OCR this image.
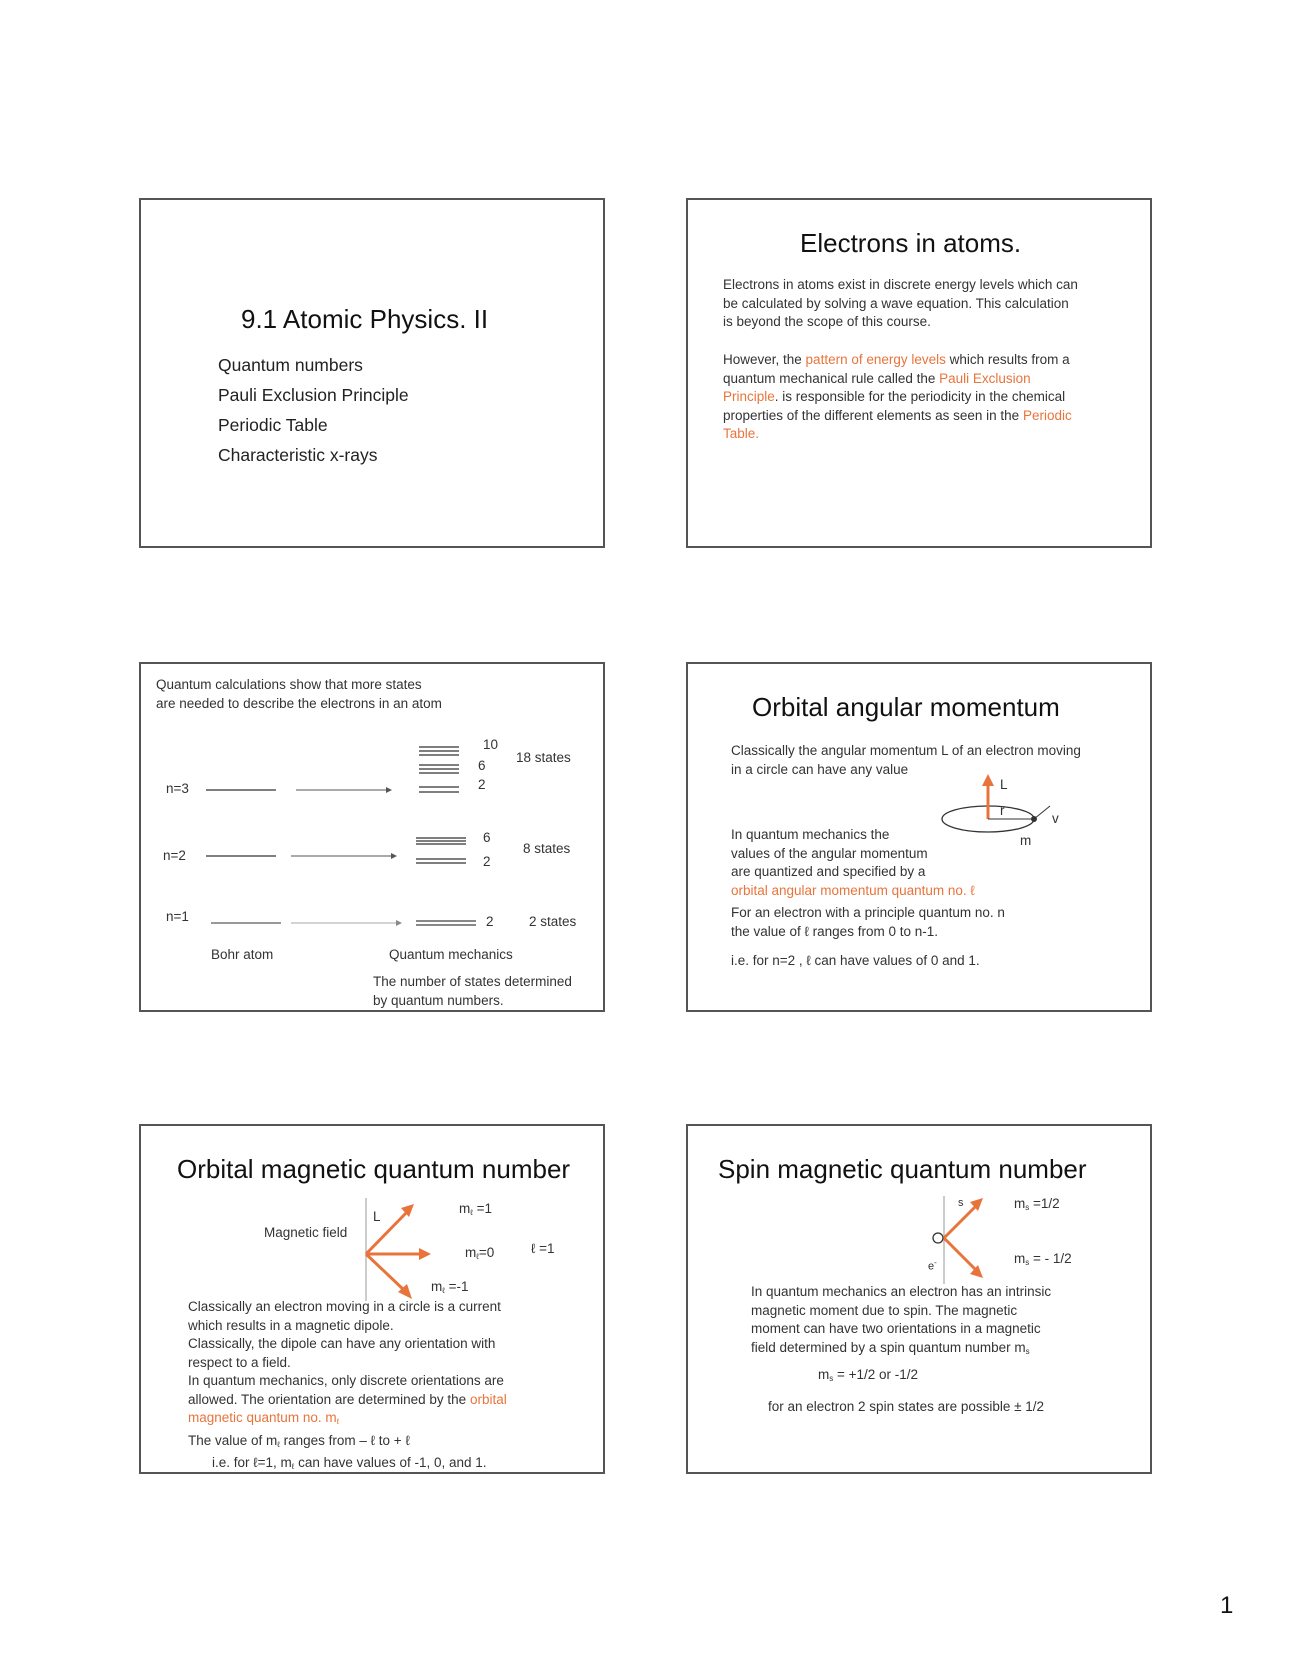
9.1 Atomic Physics. II
Quantum numbers
Pauli Exclusion Principle
Periodic Table
Characteristic x-rays
Electrons in atoms.
Electrons in atoms exist in discrete energy levels which can
be calculated by solving a wave equation. This calculation
is beyond the scope of this course.
However, the pattern of energy levels which results from a
quantum mechanical rule called the Pauli Exclusion
Principle. is responsible for the periodicity in the chemical
properties of the different elements as seen in the Periodic
Table.
Quantum calculations show that more states
are needed to describe the electrons in an atom
n=3
n=2
n=1
10
6
2
6
2
2
18 states
8 states
2 states
Bohr atom	Quantum mechanics
The number of states determined
by quantum numbers.
Orbital angular momentum
Classically the angular momentum L of an electron moving
in a circle can have any value
L
r
v
m
In quantum mechanics the
values of the angular momentum
are quantized and specified by a
orbital angular momentum quantum no. ℓ
For an electron with a principle quantum no. n
the value of ℓ ranges from 0 to n-1.
i.e. for n=2 , ℓ can have values of 0 and 1.
Orbital magnetic quantum number
Magnetic field
L
$m_\ell =1$
$m_\ell=0$
$m_\ell =-1$
ℓ =1
Classically an electron moving in a circle is a current
which results in a magnetic dipole.
Classically, the dipole can have any orientation with
respect to a field.
In quantum mechanics, only discrete orientations are
allowed. The orientation are determined by the orbital
magnetic quantum no. $m_\ell$
The value of $m_\ell$ ranges from – ℓ to + ℓ
i.e. for ℓ=1, $m_\ell$ can have values of -1, 0, and 1.
Spin magnetic quantum number
s
e-
$m_s =1/2$
$m_s$ = - 1/2
In quantum mechanics an electron has an intrinsic
magnetic moment due to spin. The magnetic
moment can have two orientations in a magnetic
field determined by a spin quantum number $m_s$
$m_s = +1/2$ or -1/2
for an electron 2 spin states are possible ± 1/2
1
